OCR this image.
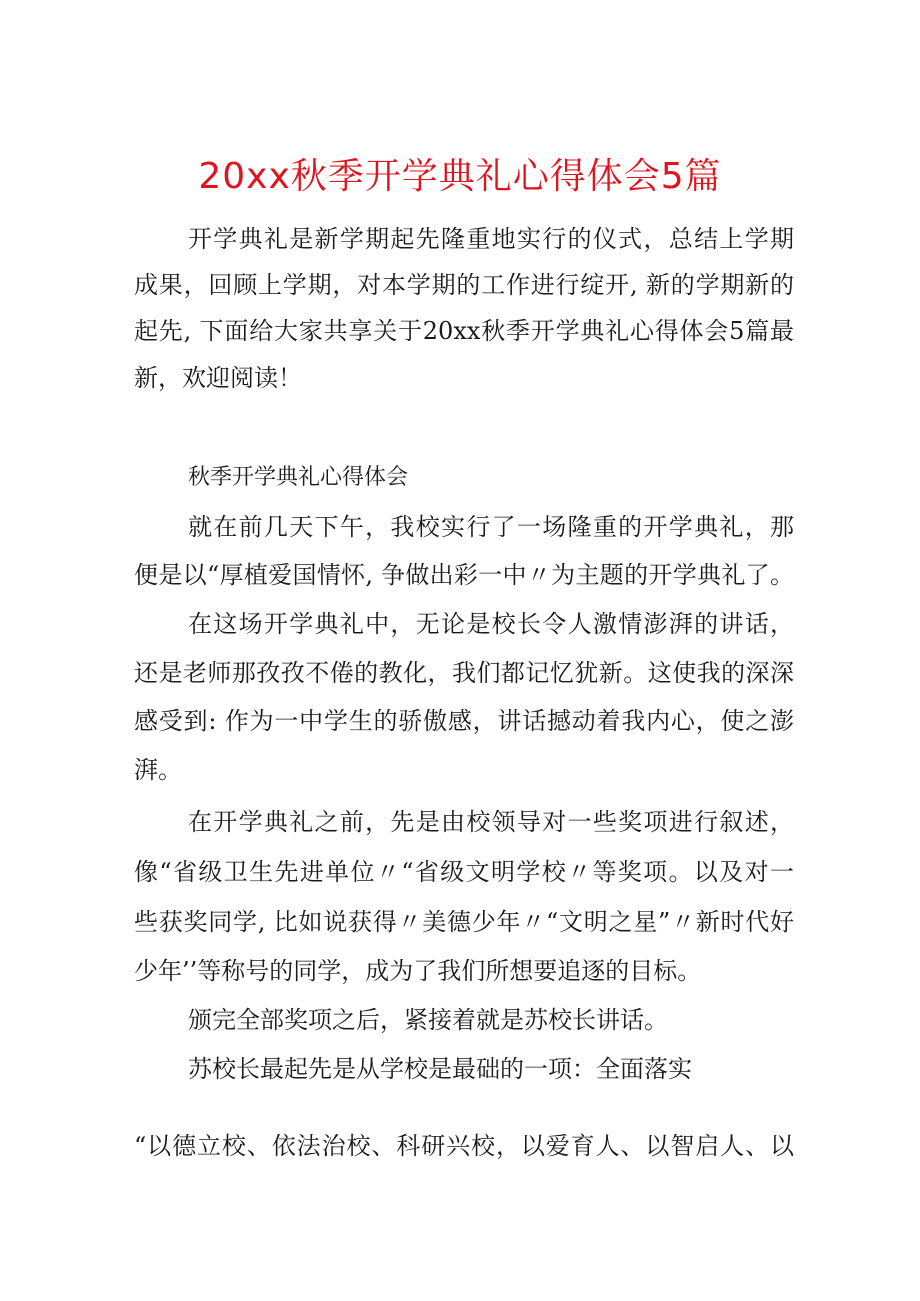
20xx秋季开学典礼心得体会5篇
开学典礼是新学期起先隆重地实行的仪式，总结上学期
成果，回顾上学期，对本学期的工作进行绽开, 新的学期新的
起先, 下面给大家共享关于20xx秋季开学典礼心得体会5篇最
新，欢迎阅读！
秋季开学典礼心得体会
就在前几天下午，我校实行了一场隆重的开学典礼，那
便是以“厚植爱国情怀, 争做出彩一中〃为主题的开学典礼了。
在这场开学典礼中，无论是校长令人激情澎湃的讲话，
还是老师那孜孜不倦的教化，我们都记忆犹新。这使我的深深
感受到: 作为一中学生的骄傲感，讲话撼动着我内心，使之澎
湃。
在开学典礼之前，先是由校领导对一些奖项进行叙述，
像“省级卫生先进单位〃“省级文明学校〃等奖项。以及对一
些获奖同学, 比如说获得〃美德少年〃“文明之星”〃新时代好
少年’’等称号的同学，成为了我们所想要追逐的目标。
颁完全部奖项之后，紧接着就是苏校长讲话。
苏校长最起先是从学校是最础的一项：全面落实
“以德立校、依法治校、科研兴校，以爱育人、以智启人、以
